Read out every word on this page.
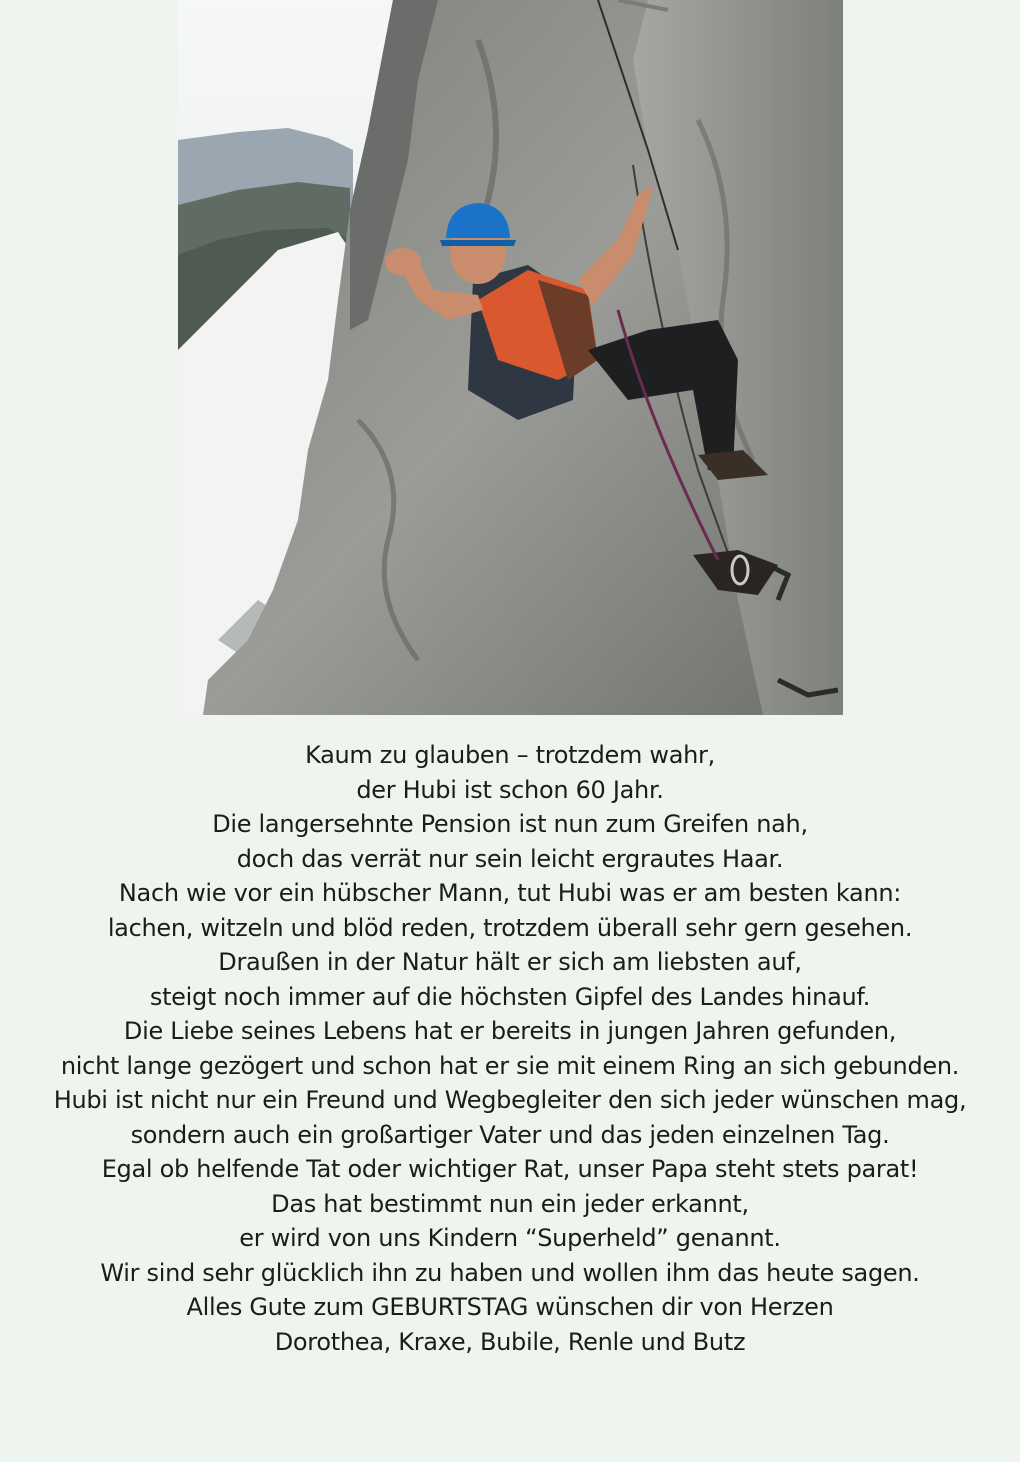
Kaum zu glauben – trotzdem wahr,
der Hubi ist schon 60 Jahr.
Die langersehnte Pension ist nun zum Greifen nah,
doch das verrät nur sein leicht ergrautes Haar.
Nach wie vor ein hübscher Mann, tut Hubi was er am besten kann:
lachen, witzeln und blöd reden, trotzdem überall sehr gern gesehen.
Draußen in der Natur hält er sich am liebsten auf,
steigt noch immer auf die höchsten Gipfel des Landes hinauf.
Die Liebe seines Lebens hat er bereits in jungen Jahren gefunden,
nicht lange gezögert und schon hat er sie mit einem Ring an sich gebunden.
Hubi ist nicht nur ein Freund und Wegbegleiter den sich jeder wünschen mag,
sondern auch ein großartiger Vater und das jeden einzelnen Tag.
Egal ob helfende Tat oder wichtiger Rat, unser Papa steht stets parat!
Das hat bestimmt nun ein jeder erkannt,
er wird von uns Kindern “Superheld” genannt.
Wir sind sehr glücklich ihn zu haben und wollen ihm das heute sagen.
Alles Gute zum GEBURTSTAG wünschen dir von Herzen
Dorothea, Kraxe, Bubile, Renle und Butz
